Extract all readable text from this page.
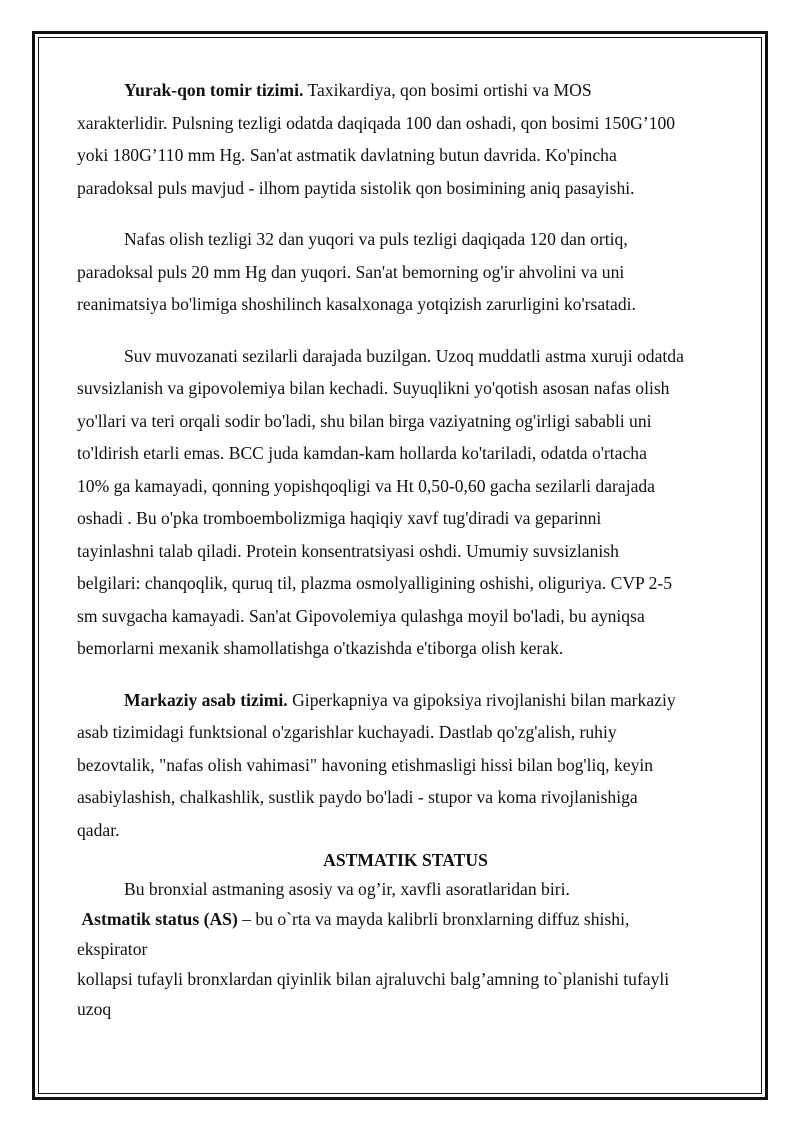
Yurak-qon tomir tizimi. Taxikardiya, qon bosimi ortishi va MOS
xarakterlidir. Pulsning tezligi odatda daqiqada 100 dan oshadi, qon bosimi 150G’100
yoki 180G’110 mm Hg. San'at astmatik davlatning butun davrida. Ko'pincha
paradoksal puls mavjud - ilhom paytida sistolik qon bosimining aniq pasayishi.

Nafas olish tezligi 32 dan yuqori va puls tezligi daqiqada 120 dan ortiq,
paradoksal puls 20 mm Hg dan yuqori. San'at bemorning og'ir ahvolini va uni
reanimatsiya bo'limiga shoshilinch kasalxonaga yotqizish zarurligini ko'rsatadi.

Suv muvozanati sezilarli darajada buzilgan. Uzoq muddatli astma xuruji odatda
suvsizlanish va gipovolemiya bilan kechadi. Suyuqlikni yo'qotish asosan nafas olish
yo'llari va teri orqali sodir bo'ladi, shu bilan birga vaziyatning og'irligi sababli uni
to'ldirish etarli emas. BCC juda kamdan-kam hollarda ko'tariladi, odatda o'rtacha
10% ga kamayadi, qonning yopishqoqligi va Ht 0,50-0,60 gacha sezilarli darajada
oshadi . Bu o'pka tromboembolizmiga haqiqiy xavf tug'diradi va geparinni
tayinlashni talab qiladi. Protein konsentratsiyasi oshdi. Umumiy suvsizlanish
belgilari: chanqoqlik, quruq til, plazma osmolyalligining oshishi, oliguriya. CVP 2-5
sm suvgacha kamayadi. San'at Gipovolemiya qulashga moyil bo'ladi, bu ayniqsa
bemorlarni mexanik shamollatishga o'tkazishda e'tiborga olish kerak.

Markaziy asab tizimi. Giperkapniya va gipoksiya rivojlanishi bilan markaziy
asab tizimidagi funktsional o'zgarishlar kuchayadi. Dastlab qo'zg'alish, ruhiy
bezovtalik, "nafas olish vahimasi" havoning etishmasligi hissi bilan bog'liq, keyin
asabiylashish, chalkashlik, sustlik paydo bo'ladi - stupor va koma rivojlanishiga
qadar.

ASTMATIK STATUS

Bu bronxial astmaning asosiy va og’ir, xavfli asoratlaridan biri.

Astmatik status (AS) – bu o`rta va mayda kalibrli bronxlarning diffuz shishi,
ekspirator
kollapsi tufayli bronxlardan qiyinlik bilan ajraluvchi balg’amning to`planishi tufayli
uzoq
